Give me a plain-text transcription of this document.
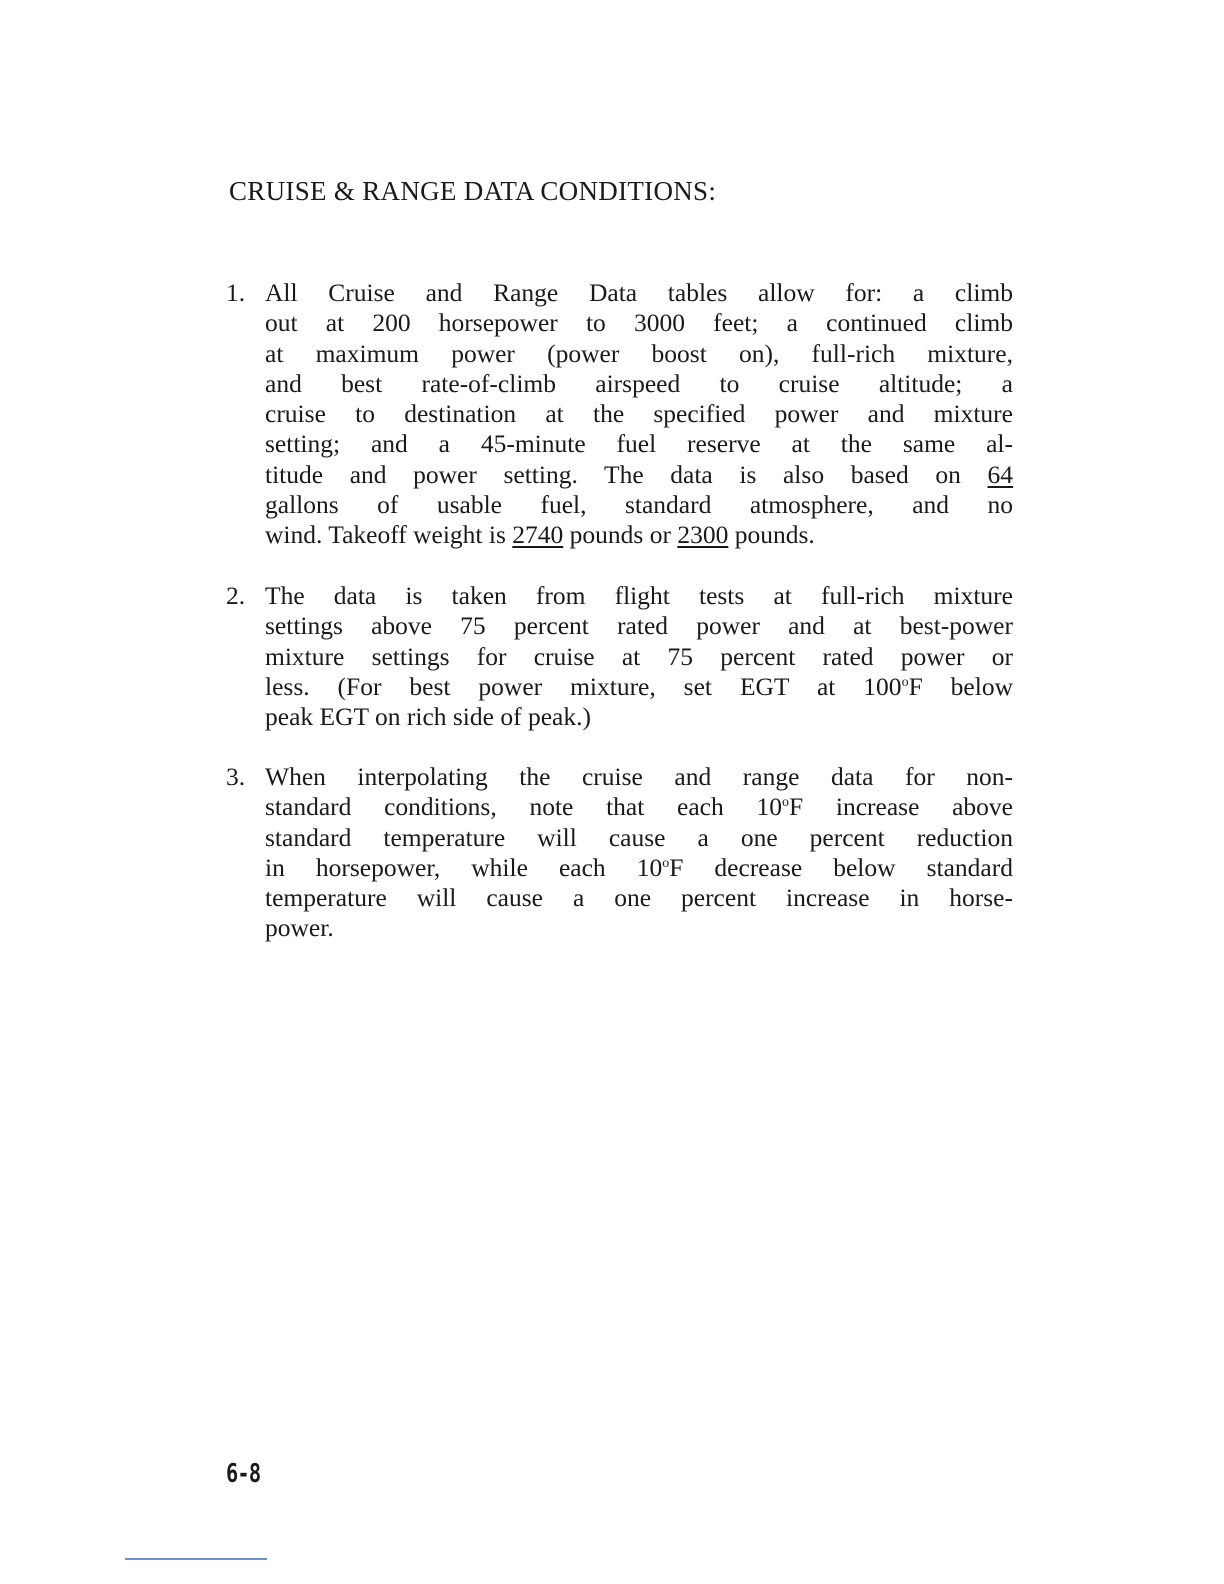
CRUISE & RANGE DATA CONDITIONS:
1. All Cruise and Range Data tables allow for: a climb
out at 200 horsepower to 3000 feet; a continued climb
at maximum power (power boost on), full-rich mixture,
and best rate-of-climb airspeed to cruise altitude; a
cruise to destination at the specified power and mixture
setting; and a 45-minute fuel reserve at the same al-
titude and power setting. The data is also based on 64
gallons of usable fuel, standard atmosphere, and no
wind. Takeoff weight is 2740 pounds or 2300 pounds.
2. The data is taken from flight tests at full-rich mixture
settings above 75 percent rated power and at best-power
mixture settings for cruise at 75 percent rated power or
less. (For best power mixture, set EGT at 100$^o$F below
peak EGT on rich side of peak.)
3. When interpolating the cruise and range data for non-
standard conditions, note that each 10$^o$F increase above
standard temperature will cause a one percent reduction
in horsepower, while each 10$^o$F decrease below standard
temperature will cause a one percent increase in horse-
power.
6-8
